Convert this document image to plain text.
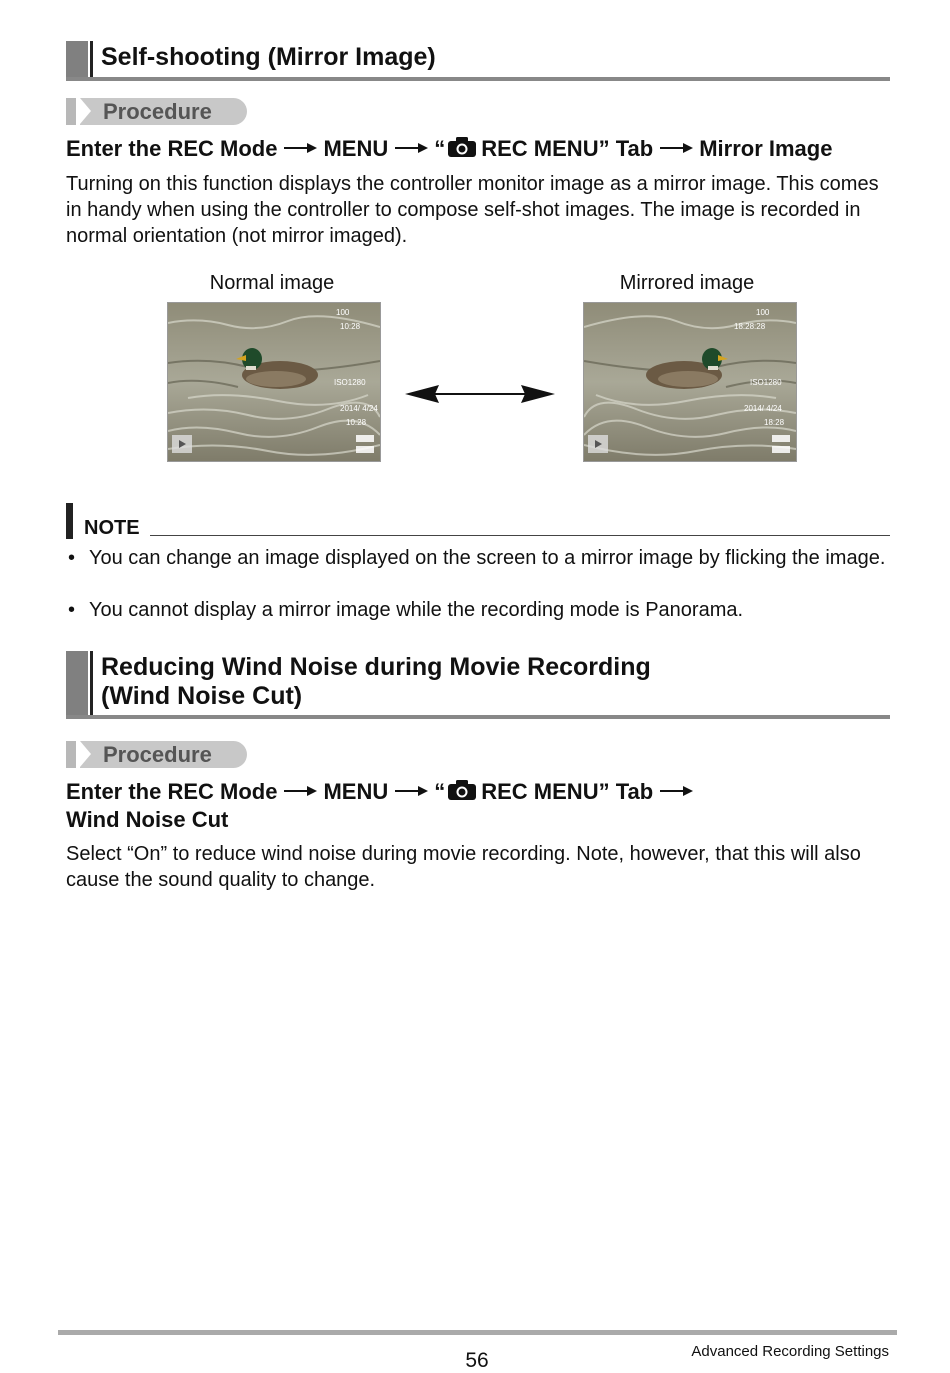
Self-shooting (Mirror Image)
Procedure
Enter the REC Mode MENU “ REC MENU” Tab Mirror Image
Turning on this function displays the controller monitor image as a mirror image. This comes in handy when using the controller to compose self-shot images. The image is recorded in normal orientation (not mirror imaged).
Normal image	Mirrored image
100
10:28
ISO1280
2014/ 4/24
10:28
100
18:28:28
ISO1280
2014/ 4/24
18:28
NOTE
• You can change an image displayed on the screen to a mirror image by flicking the image.
• You cannot display a mirror image while the recording mode is Panorama.
Reducing Wind Noise during Movie Recording
(Wind Noise Cut)
Procedure
Enter the REC Mode MENU “ REC MENU” Tab
Wind Noise Cut
Select “On” to reduce wind noise during movie recording. Note, however, that this will also cause the sound quality to change.
56	Advanced Recording Settings
